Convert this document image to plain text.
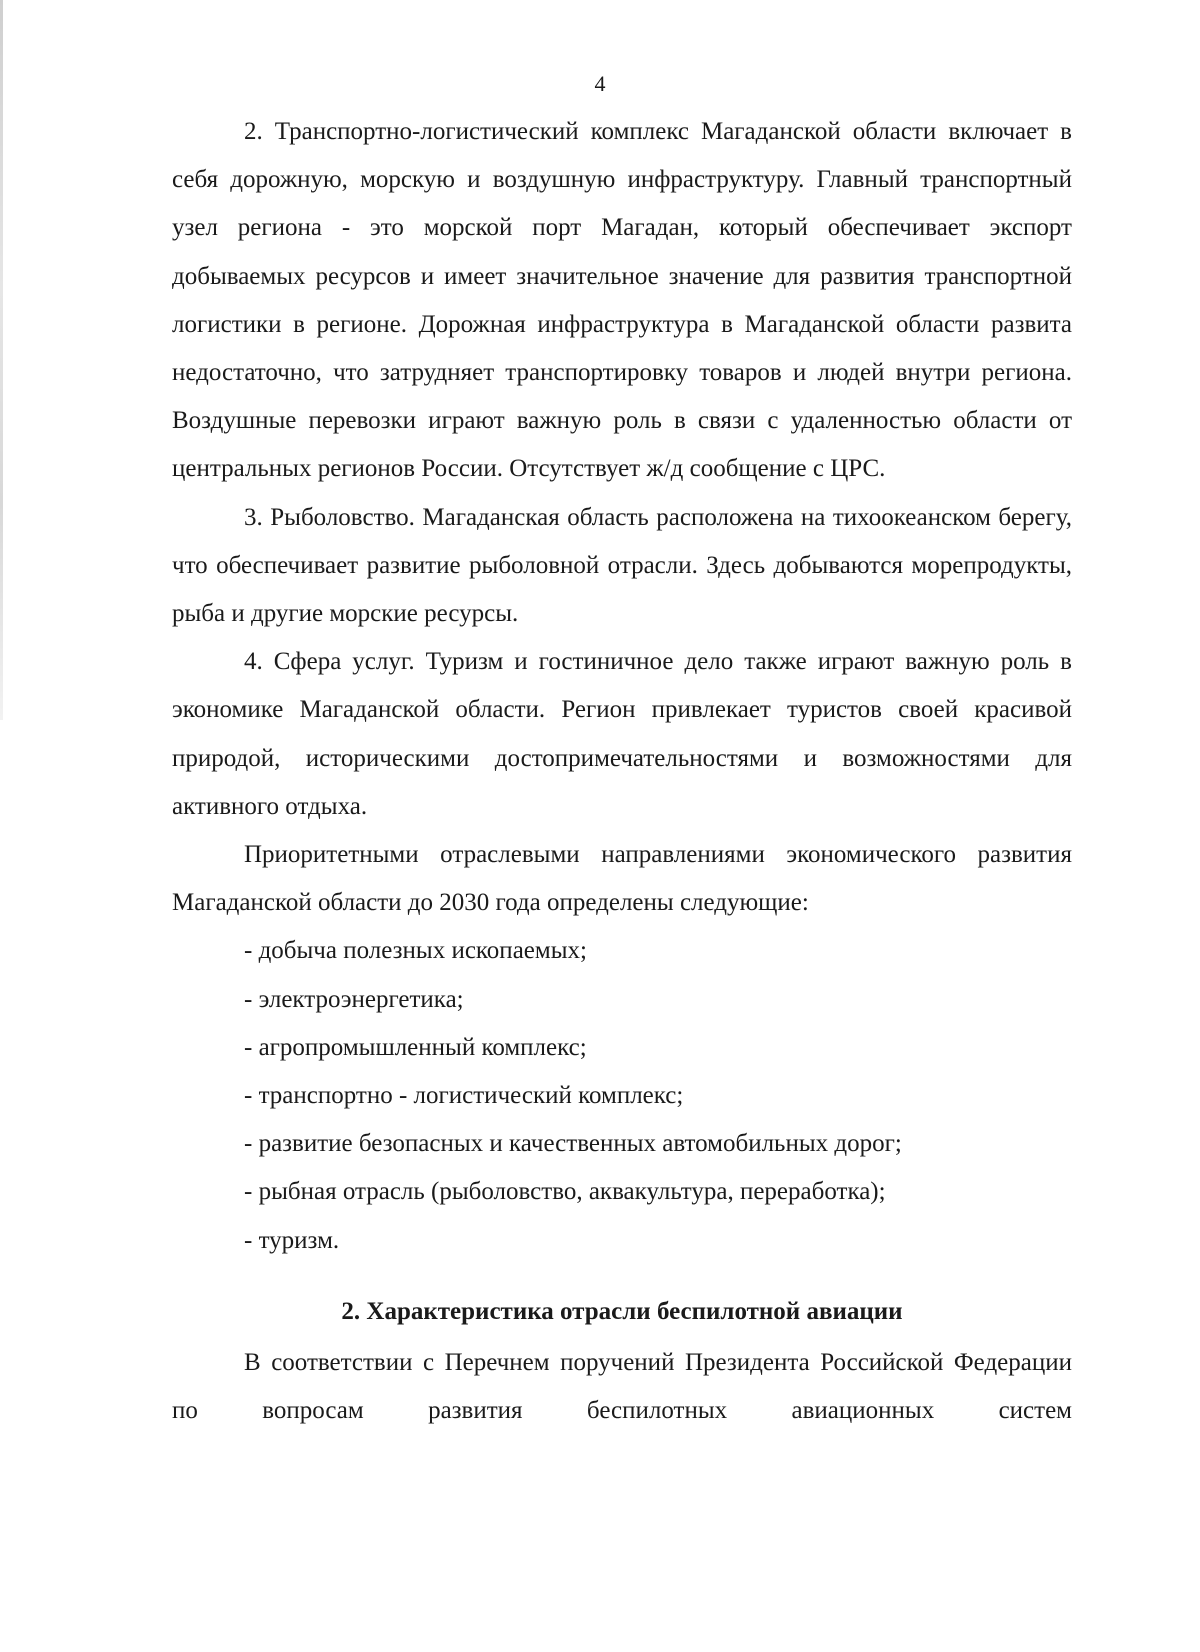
4

2. Транспортно-логистический комплекс Магаданской области включает в себя дорожную, морскую и воздушную инфраструктуру. Главный транспортный узел региона - это морской порт Магадан, который обеспечивает экспорт добываемых ресурсов и имеет значительное значение для развития транспортной логистики в регионе. Дорожная инфраструктура в Магаданской области развита недостаточно, что затрудняет транспортировку товаров и людей внутри региона. Воздушные перевозки играют важную роль в связи с удаленностью области от центральных регионов России. Отсутствует ж/д сообщение с ЦРС.

3. Рыболовство. Магаданская область расположена на тихоокеанском берегу, что обеспечивает развитие рыболовной отрасли. Здесь добываются морепродукты, рыба и другие морские ресурсы.

4. Сфера услуг. Туризм и гостиничное дело также играют важную роль в экономике Магаданской области. Регион привлекает туристов своей красивой природой, историческими достопримечательностями и возможностями для активного отдыха.

Приоритетными отраслевыми направлениями экономического развития Магаданской области до 2030 года определены следующие:

- добыча полезных ископаемых;

- электроэнергетика;

- агропромышленный комплекс;

- транспортно - логистический комплекс;

- развитие безопасных и качественных автомобильных дорог;

- рыбная отрасль (рыболовство, аквакультура, переработка);

- туризм.

2. Характеристика отрасли беспилотной авиации

В соответствии с Перечнем поручений Президента Российской Федерации по вопросам развития беспилотных авиационных систем
